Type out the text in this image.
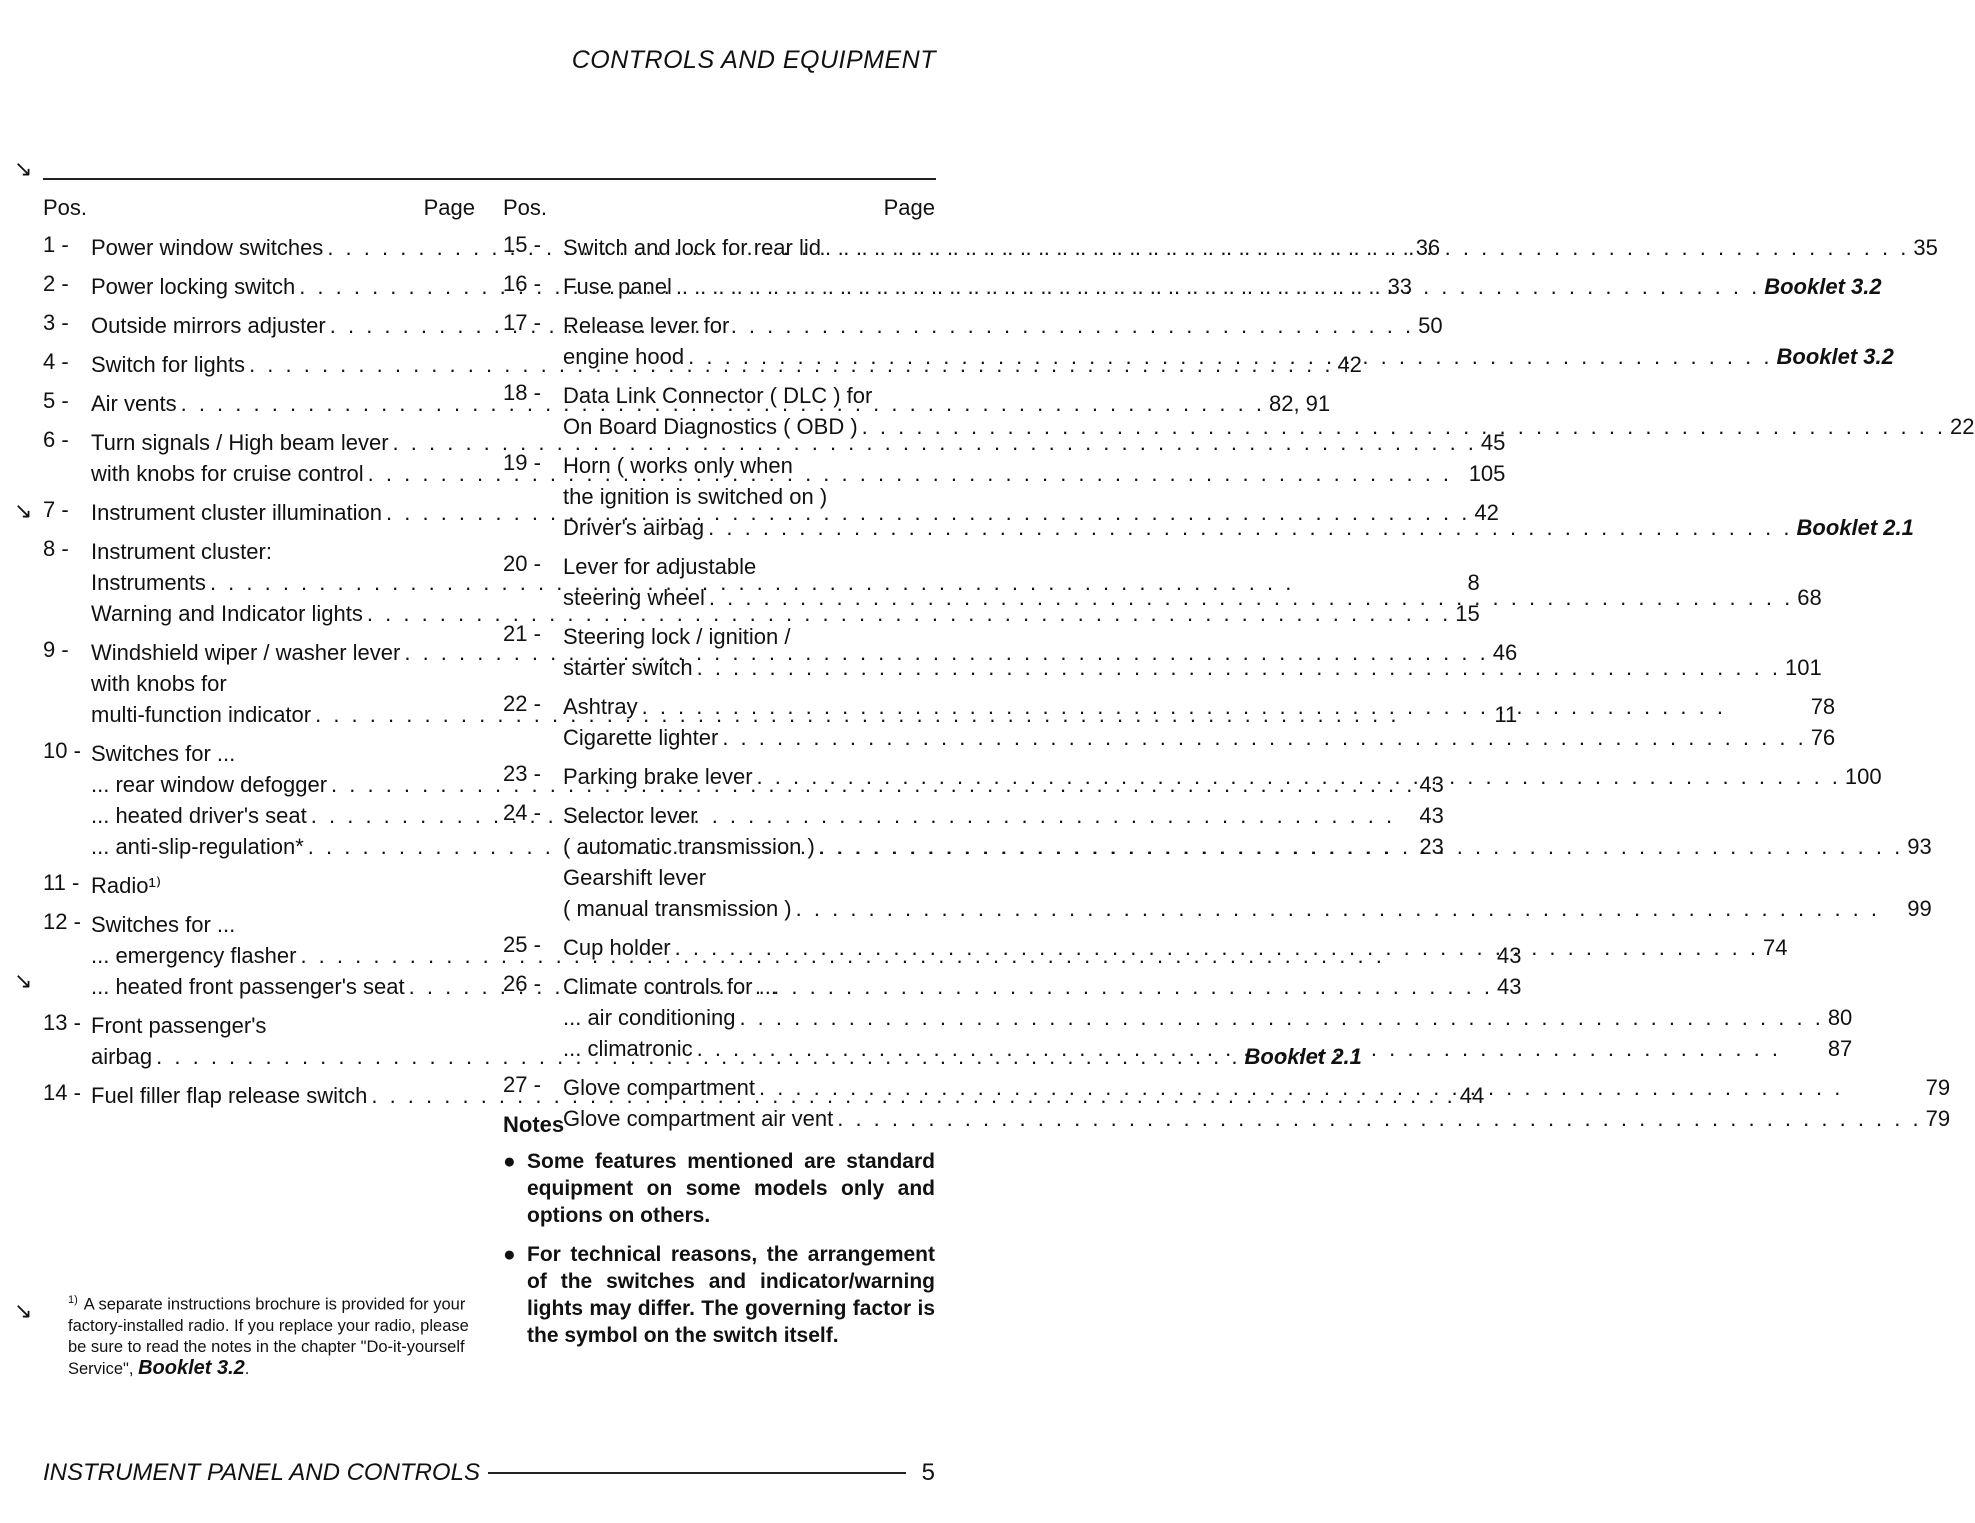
CONTROLS AND EQUIPMENT
↘
↘
↘
↘
Pos.	Page
1 -	Power window switches . . .	36
2 -	Power locking switch . . .	33
3 -	Outside mirrors adjuster . . .	50
4 -	Switch for lights . . .	42
5 -	Air vents . . .	82, 91
6 -	Turn signals / High beam lever . . .	45
with knobs for cruise control . . .	105
7 -	Instrument cluster illumination . . .	42
8 -	Instrument cluster:
Instruments . . .	8
Warning and Indicator lights . . .	15
9 -	Windshield wiper / washer lever . . .	46
with knobs for
multi-function indicator . . .	11
10 - Switches for ...
... rear window defogger . . .	43
... heated driver's seat . . .	43
... anti-slip-regulation* . . .	23
11 - Radio¹⁾
12 - Switches for ...
... emergency flasher . . .	43
... heated front passenger's seat . . .	43
13 - Front passenger's
airbag . . .	Booklet 2.1
14 - Fuel filler flap release switch . . .	44
Pos.	Page
15 -	Switch and lock for rear lid . . .	35
16 -	Fuse panel . . .	Booklet 3.2
17 -	Release lever for
engine hood . . .	Booklet 3.2
18 -	Data Link Connector ( DLC ) for
On Board Diagnostics ( OBD ) . . .	22
19 -	Horn ( works only when
the ignition is switched on )
Driver's airbag . . .	Booklet 2.1
20 -	Lever for adjustable
steering wheel . . .	68
21 -	Steering lock / ignition /
starter switch . . .	101
22 -	Ashtray . . .	78
Cigarette lighter . . .	76
23 -	Parking brake lever . . .	100
24 -	Selector lever
( automatic transmission ) . . .	93
Gearshift lever
( manual transmission ) . . .	99
25 -	Cup holder . . .	74
26 -	Climate controls for ...
... air conditioning . . .	80
... climatronic . . .	87
27 -	Glove compartment . . .	79
Glove compartment air vent . . .	79
Notes
● Some features mentioned are standard equipment on some models only and options on others.
● For technical reasons, the arrangement of the switches and indicator/warning lights may differ. The governing factor is the symbol on the switch itself.
$^{1)}$ A separate instructions brochure is provided for your factory-installed radio. If you replace your radio, please be sure to read the notes in the chapter "Do-it-yourself Service", Booklet 3.2.
INSTRUMENT PANEL AND CONTROLS	5
